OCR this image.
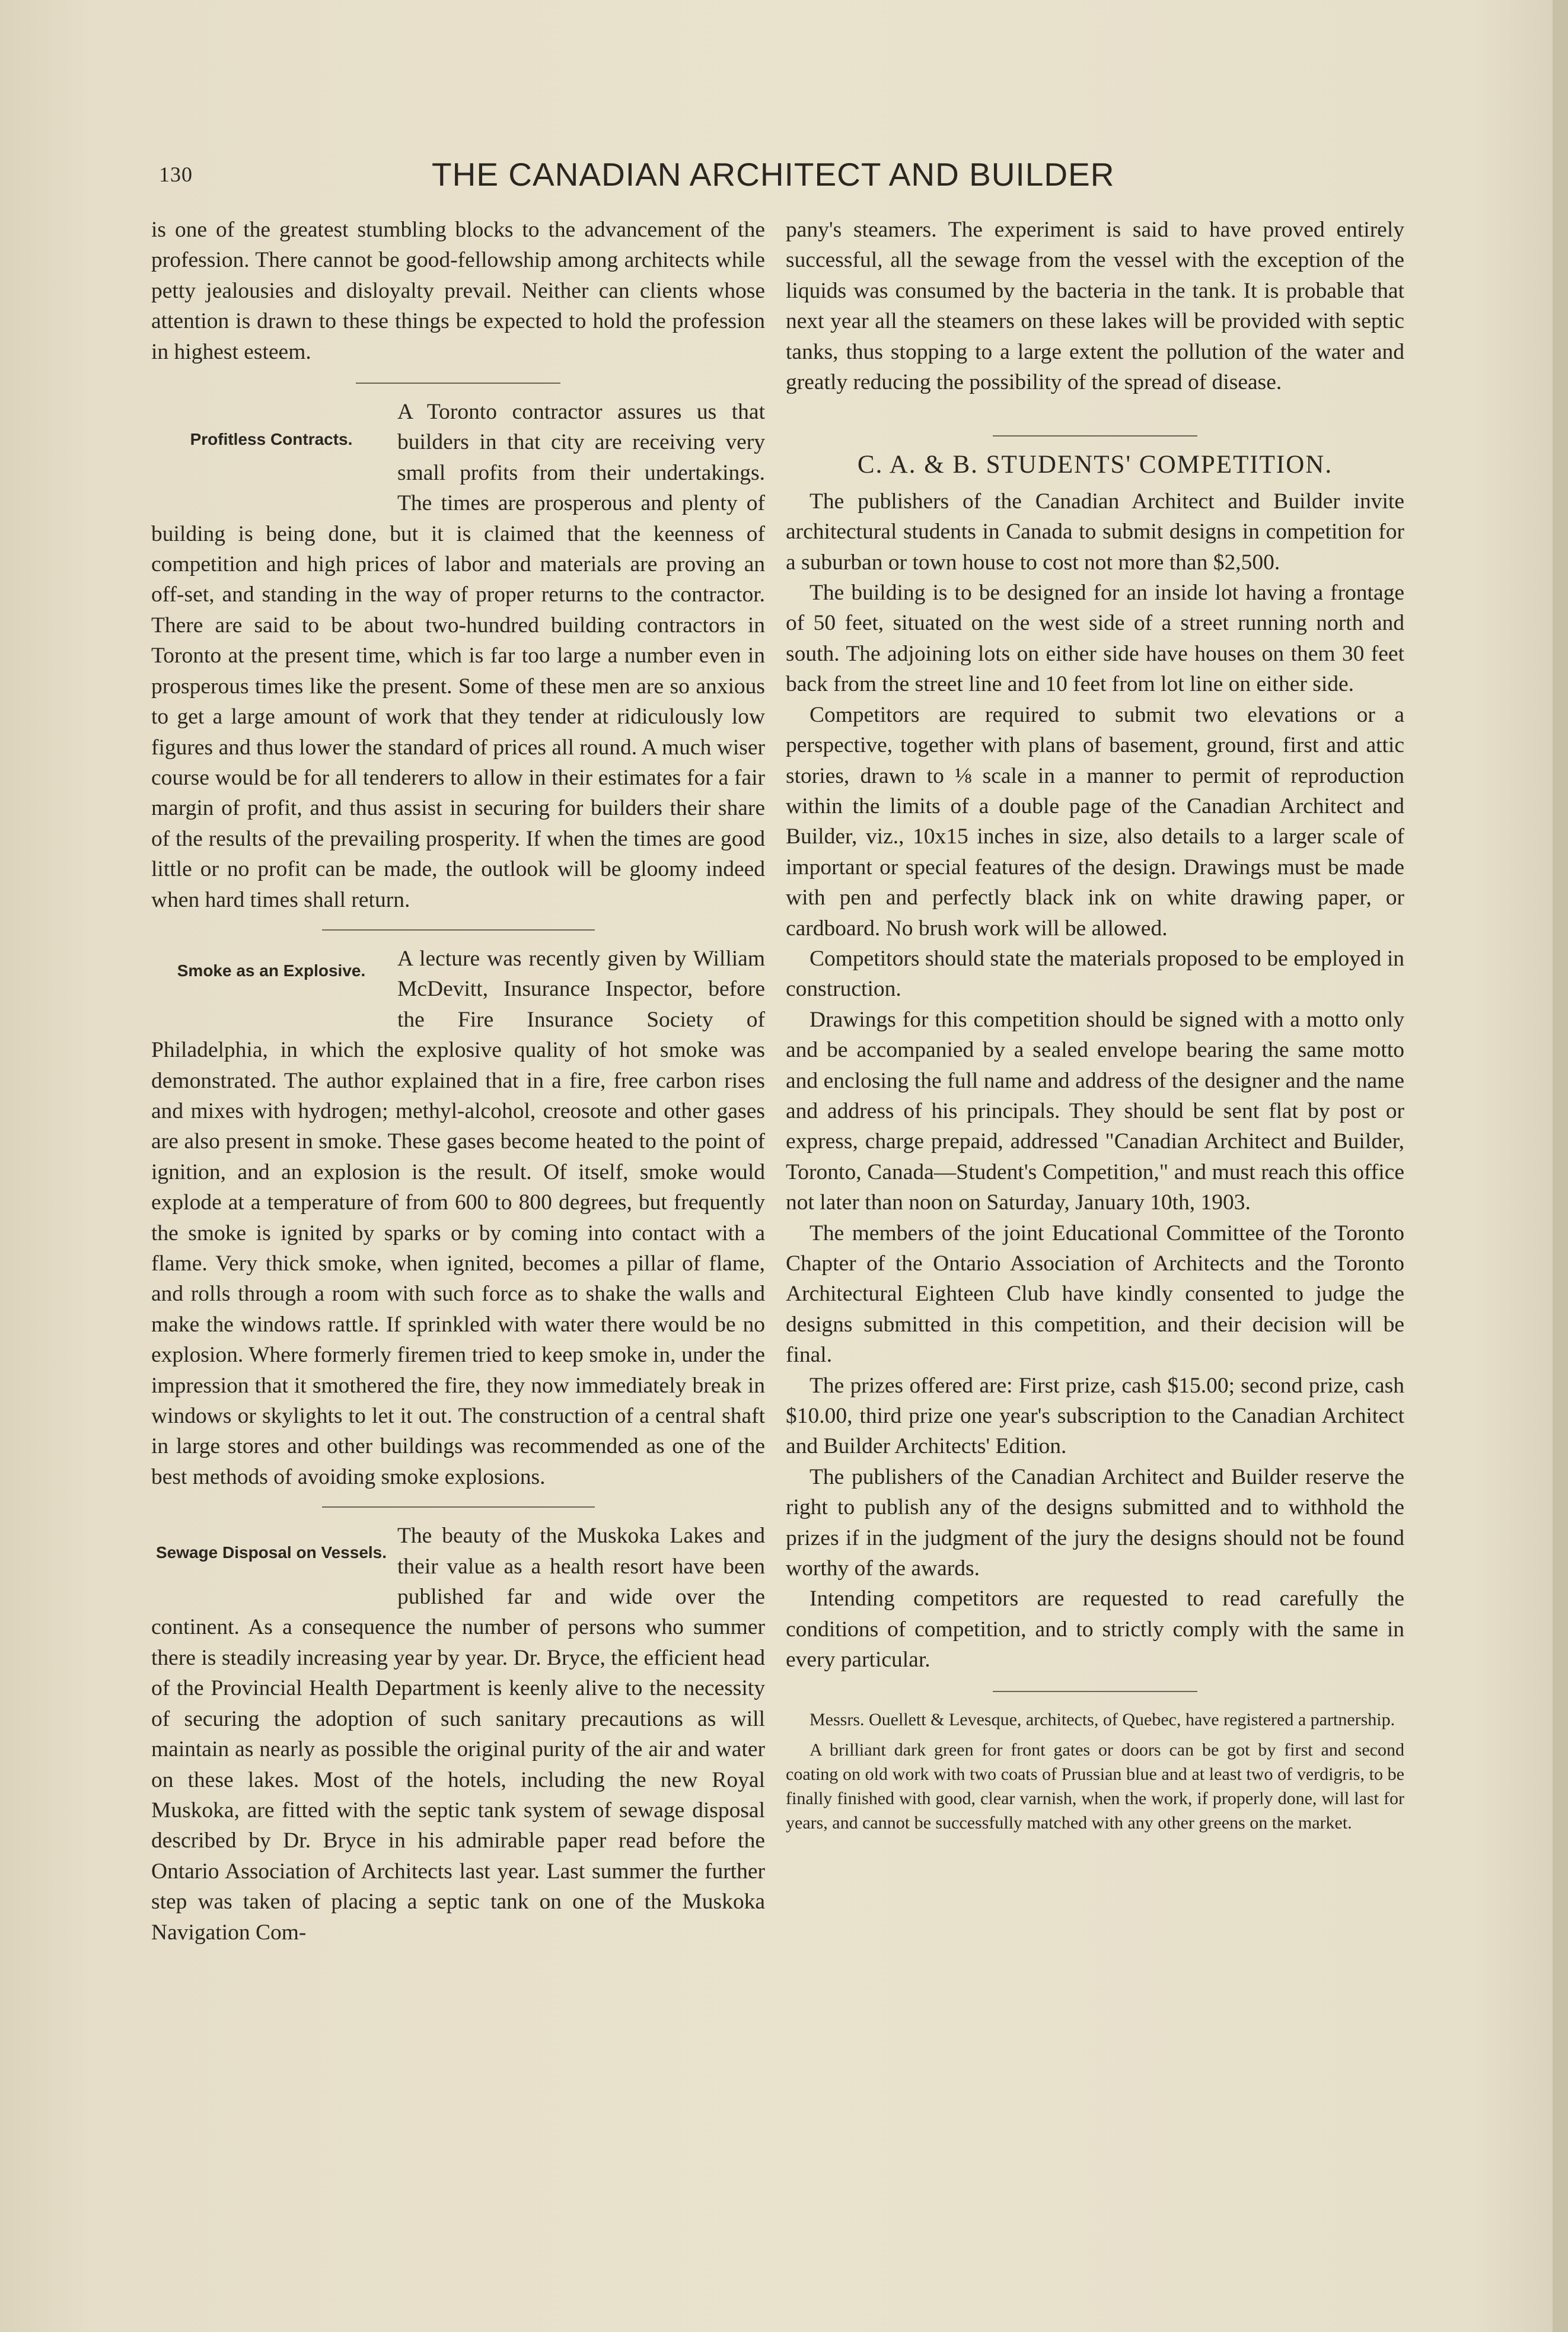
130	THE CANADIAN ARCHITECT AND BUILDER

is one of the greatest stumbling blocks to the advancement of the profession. There cannot be good-fellowship among architects while petty jealousies and disloyalty prevail. Neither can clients whose attention is drawn to these things be expected to hold the profession in highest esteem.

Profitless Contracts.

A Toronto contractor assures us that builders in that city are receiving very small profits from their undertakings. The times are prosperous and plenty of building is being done, but it is claimed that the keenness of competition and high prices of labor and materials are proving an off-set, and standing in the way of proper returns to the contractor. There are said to be about two-hundred building contractors in Toronto at the present time, which is far too large a number even in prosperous times like the present. Some of these men are so anxious to get a large amount of work that they tender at ridiculously low figures and thus lower the standard of prices all round. A much wiser course would be for all tenderers to allow in their estimates for a fair margin of profit, and thus assist in securing for builders their share of the results of the prevailing prosperity. If when the times are good little or no profit can be made, the outlook will be gloomy indeed when hard times shall return.

Smoke as an Explosive.	A lecture was recently given by William McDevitt, Insurance Inspector, before the Fire Insurance Society of Philadelphia, in which the explosive quality of hot smoke was demonstrated. The author explained that in a fire, free carbon rises and mixes with hydrogen; methyl-alcohol, creosote and other gases are also present in smoke. These gases become heated to the point of ignition, and an explosion is the result. Of itself, smoke would explode at a temperature of from 600 to 800 degrees, but frequently the smoke is ignited by sparks or by coming into contact with a flame. Very thick smoke, when ignited, becomes a pillar of flame, and rolls through a room with such force as to shake the walls and make the windows rattle. If sprinkled with water there would be no explosion. Where formerly firemen tried to keep smoke in, under the impression that it smothered the fire, they now immediately break in windows or skylights to let it out. The construction of a central shaft in large stores and other buildings was recommended as one of the best methods of avoiding smoke explosions.

Sewage Disposal on Vessels.

The beauty of the Muskoka Lakes and their value as a health resort have been published far and wide over the continent. As a consequence the number of persons who summer there is steadily increasing year by year. Dr. Bryce, the efficient head of the Provincial Health Department is keenly alive to the necessity of securing the adoption of such sanitary precautions as will maintain as nearly as possible the original purity of the air and water on these lakes. Most of the hotels, including the new Royal Muskoka, are fitted with the septic tank system of sewage disposal described by Dr. Bryce in his admirable paper read before the Ontario Association of Architects last year. Last summer the further step was taken of placing a septic tank on one of the Muskoka Navigation Com-

pany's steamers. The experiment is said to have proved entirely successful, all the sewage from the vessel with the exception of the liquids was consumed by the bacteria in the tank. It is probable that next year all the steamers on these lakes will be provided with septic tanks, thus stopping to a large extent the pollution of the water and greatly reducing the possibility of the spread of disease.

C. A. & B. STUDENTS' COMPETITION.

The publishers of the Canadian Architect and Builder invite architectural students in Canada to submit designs in competition for a suburban or town house to cost not more than $2,500.

The building is to be designed for an inside lot having a frontage of 50 feet, situated on the west side of a street running north and south. The adjoining lots on either side have houses on them 30 feet back from the street line and 10 feet from lot line on either side.

Competitors are required to submit two elevations or a perspective, together with plans of basement, ground, first and attic stories, drawn to ⅛ scale in a manner to permit of reproduction within the limits of a double page of the Canadian Architect and Builder, viz., 10x15 inches in size, also details to a larger scale of important or special features of the design. Drawings must be made with pen and perfectly black ink on white drawing paper, or cardboard. No brush work will be allowed.

Competitors should state the materials proposed to be employed in construction.

Drawings for this competition should be signed with a motto only and be accompanied by a sealed envelope bearing the same motto and enclosing the full name and address of the designer and the name and address of his principals. They should be sent flat by post or express, charge prepaid, addressed "Canadian Architect and Builder, Toronto, Canada—Student's Competition," and must reach this office not later than noon on Saturday, January 10th, 1903.

The members of the joint Educational Committee of the Toronto Chapter of the Ontario Association of Architects and the Toronto Architectural Eighteen Club have kindly consented to judge the designs submitted in this competition, and their decision will be final.

The prizes offered are: First prize, cash $15.00; second prize, cash $10.00, third prize one year's subscription to the Canadian Architect and Builder Architects' Edition.

The publishers of the Canadian Architect and Builder reserve the right to publish any of the designs submitted and to withhold the prizes if in the judgment of the jury the designs should not be found worthy of the awards.

Intending competitors are requested to read carefully the conditions of competition, and to strictly comply with the same in every particular.

Messrs. Ouellett & Levesque, architects, of Quebec, have registered a partnership.

A brilliant dark green for front gates or doors can be got by first and second coating on old work with two coats of Prussian blue and at least two of verdigris, to be finally finished with good, clear varnish, when the work, if properly done, will last for years, and cannot be successfully matched with any other greens on the market.
